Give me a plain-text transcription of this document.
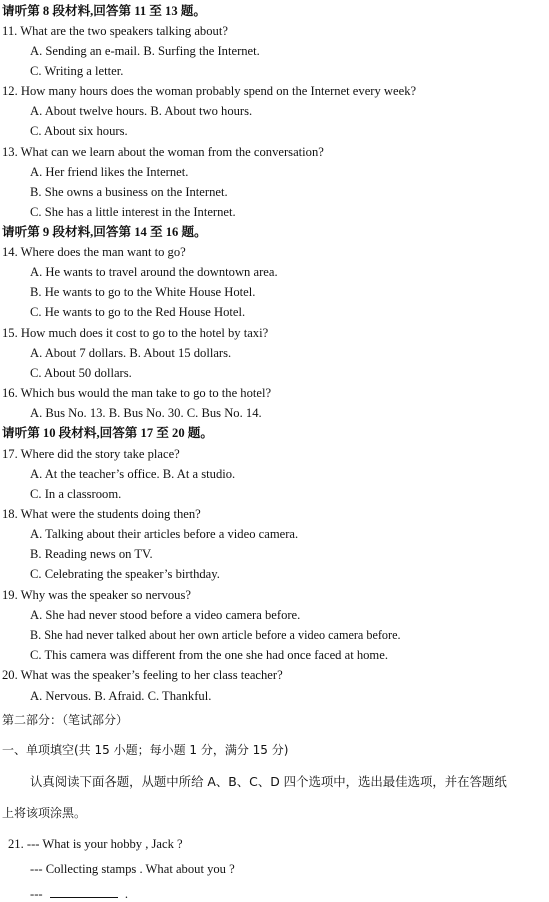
请听第 8 段材料,回答第 11 至 13 题。
11. What are the two speakers talking about?
A. Sending an e-mail. B. Surfing the Internet.
C. Writing a letter.
12. How many hours does the woman probably spend on the Internet every week?
A. About twelve hours. B. About two hours.
C. About six hours.
13. What can we learn about the woman from the conversation?
A. Her friend likes the Internet.
B. She owns a business on the Internet.
C. She has a little interest in the Internet.
请听第 9 段材料,回答第 14 至 16 题。
14. Where does the man want to go?
A. He wants to travel around the downtown area.
B. He wants to go to the White House Hotel.
C. He wants to go to the Red House Hotel.
15. How much does it cost to go to the hotel by taxi?
A. About 7 dollars. B. About 15 dollars.
C. About 50 dollars.
16. Which bus would the man take to go to the hotel?
A. Bus No. 13. B. Bus No. 30. C. Bus No. 14.
请听第 10 段材料,回答第 17 至 20 题。
17. Where did the story take place?
A. At the teacher’s office. B. At a studio.
C. In a classroom.
18. What were the students doing then?
A. Talking about their articles before a video camera.
B. Reading news on TV.
C. Celebrating the speaker’s birthday.
19. Why was the speaker so nervous?
A. She had never stood before a video camera before.
B. She had never talked about her own article before a video camera before.
C. This camera was different from the one she had once faced at home.
20. What was the speaker’s feeling to her class teacher?
A. Nervous. B. Afraid. C. Thankful.
第二部分：（笔试部分）
一、单项填空(共 15 小题；每小题 1 分，满分 15 分)
认真阅读下面各题，从题中所给 A、B、C、D 四个选项中，选出最佳选项，并在答题纸
上将该项涂黑。
21. --- What is your hobby , Jack ?
--- Collecting stamps . What about you ?
---	.
